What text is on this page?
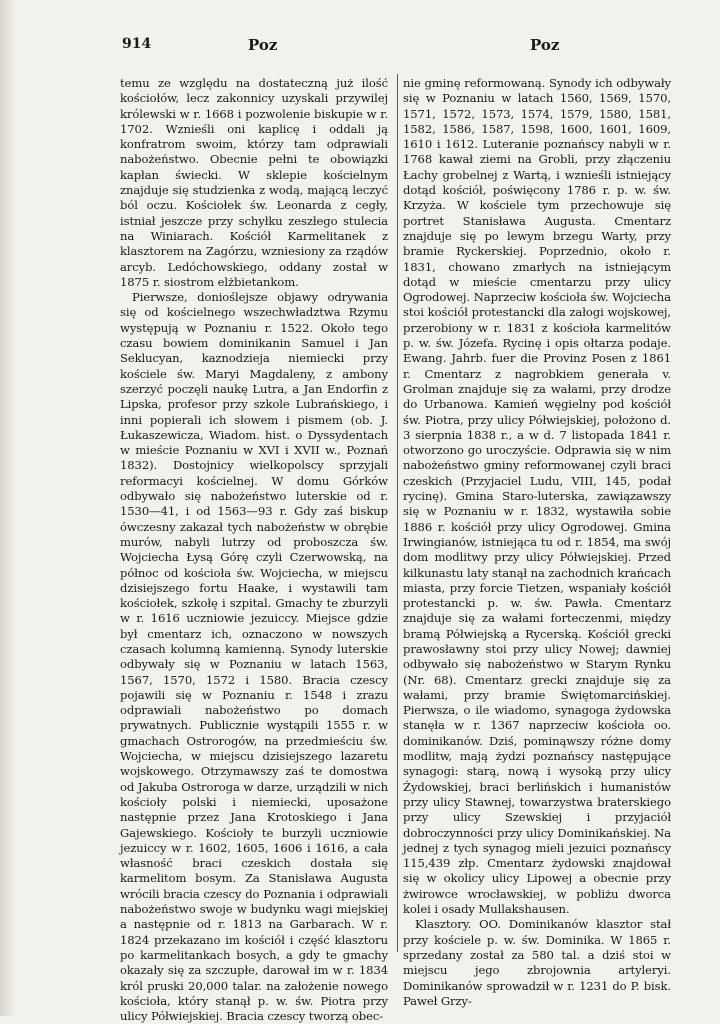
914	Poz	Poz

temu ze względu na dostateczną już ilość kościołów, lecz zakonnicy uzyskali przywilej królewski w r. 1668 i pozwolenie biskupie w r. 1702. Wznieśli oni kaplicę i oddali ją konfratrom swoim, którzy tam odprawiali nabożeństwo. Obecnie pełni te obowiązki kapłan świecki. W sklepie kościelnym znajduje się studzienka z wodą, mającą leczyć ból oczu. Kościołek św. Leonarda z cegły, istniał jeszcze przy schyłku zeszłego stulecia na Winiarach. Kościół Karmelitanek z klasztorem na Zagórzu, wzniesiony za rządów arcyb. Ledóchowskiego, oddany został w 1875 r. siostrom elżbietankom.

Pierwsze, donioślejsze objawy odrywania się od kościelnego wszechwładztwa Rzymu występują w Poznaniu r. 1522. Około tego czasu bowiem dominikanin Samuel i Jan Seklucyan, kaznodzieja niemiecki przy kościele św. Maryi Magdaleny, z ambony szerzyć poczęli naukę Lutra, a Jan Endorfin z Lipska, profesor przy szkole Lubrańskiego, i inni popierali ich słowem i pismem (ob. J. Łukaszewicza, Wiadom. hist. o Dyssydentach w mieście Poznaniu w XVI i XVII w., Poznań 1832). Dostojnicy wielkopolscy sprzyjali reformacyi kościelnej. W domu Górków odbywało się nabożeństwo luterskie od r. 1530—41, i od 1563—93 r. Gdy zaś biskup ówczesny zakazał tych nabożeństw w obrębie murów, nabyli lutrzy od proboszcza św. Wojciecha Łysą Górę czyli Czerwowską, na północ od kościoła św. Wojciecha, w miejscu dzisiejszego fortu Haake, i wystawili tam kościołek, szkołę i szpital. Gmachy te zburzyli w r. 1616 uczniowie jezuiccy. Miejsce gdzie był cmentarz ich, oznaczono w nowszych czasach kolumną kamienną. Synody luterskie odbywały się w Poznaniu w latach 1563, 1567, 1570, 1572 i 1580. Bracia czescy pojawili się w Poznaniu r. 1548 i zrazu odprawiali nabożeństwo po domach prywatnych. Publicznie wystąpili 1555 r. w gmachach Ostrorogów, na przedmieściu św. Wojciecha, w miejscu dzisiejszego lazaretu wojskowego. Otrzymawszy zaś te domostwa od Jakuba Ostroroga w darze, urządzili w nich kościoły polski i niemiecki, uposażone następnie przez Jana Krotoskiego i Jana Gajewskiego. Kościoły te burzyli uczniowie jezuiccy w r. 1602, 1605, 1606 i 1616, a cała własność braci czeskich dostała się karmelitom bosym. Za Stanisława Augusta wrócili bracia czescy do Poznania i odprawiali nabożeństwo swoje w budynku wagi miejskiej a następnie od r. 1813 na Garbarach. W r. 1824 przekazano im kościół i część klasztoru po karmelitankach bosych, a gdy te gmachy okazały się za szczupłe, darował im w r. 1834 król pruski 20,000 talar. na założenie nowego kościoła, który stanął p. w. św. Piotra przy ulicy Półwiejskiej. Bracia czescy tworzą obec-

nie gminę reformowaną. Synody ich odbywały się w Poznaniu w latach 1560, 1569, 1570, 1571, 1572, 1573, 1574, 1579, 1580, 1581, 1582, 1586, 1587, 1598, 1600, 1601, 1609, 1610 i 1612. Luteranie poznańscy nabyli w r. 1768 kawał ziemi na Grobli, przy złączeniu Łachy grobelnej z Wartą, i wznieśli istniejący dotąd kościół, poświęcony 1786 r. p. w. św. Krzyża. W kościele tym przechowuje się portret Stanisława Augusta. Cmentarz znajduje się po lewym brzegu Warty, przy bramie Ryckerskiej. Poprzednio, około r. 1831, chowano zmarłych na istniejącym dotąd w mieście cmentarzu przy ulicy Ogrodowej. Naprzeciw kościoła św. Wojciecha stoi kościół protestancki dla załogi wojskowej, przerobiony w r. 1831 z kościoła karmelitów p. w. św. Józefa. Rycinę i opis ołtarza podaje. Ewang. Jahrb. fuer die Provinz Posen z 1861 r. Cmentarz z nagrobkiem generała v. Grolman znajduje się za wałami, przy drodze do Urbanowa. Kamień węgielny pod kościół św. Piotra, przy ulicy Półwiejskiej, położono d. 3 sierpnia 1838 r., a w d. 7 listopada 1841 r. otworzono go uroczyście. Odprawia się w nim nabożeństwo gminy reformowanej czyli braci czeskich (Przyjaciel Ludu, VIII, 145, podał rycinę). Gmina Staro-luterska, zawiązawszy się w Poznaniu w r. 1832, wystawiła sobie 1886 r. kościół przy ulicy Ogrodowej. Gmina Irwingianów, istniejąca tu od r. 1854, ma swój dom modlitwy przy ulicy Półwiejskiej. Przed kilkunastu laty stanął na zachodnich krańcach miasta, przy forcie Tietzen, wspaniały kościół protestancki p. w. św. Pawła. Cmentarz znajduje się za wałami forteczenmi, między bramą Półwiejską a Rycerską. Kościół grecki prawosławny stoi przy ulicy Nowej; dawniej odbywało się nabożeństwo w Starym Rynku (Nr. 68). Cmentarz grecki znajduje się za wałami, przy bramie Świętomarcińskiej. Pierwsza, o ile wiadomo, synagoga żydowska stanęła w r. 1367 naprzeciw kościoła oo. dominikanów. Dziś, pominąwszy różne domy modlitw, mają żydzi poznańscy następujące synagogi: starą, nową i wysoką przy ulicy Żydowskiej, braci berlińskich i humanistów przy ulicy Stawnej, towarzystwa braterskiego przy ulicy Szewskiej i przyjaciół dobroczynności przy ulicy Dominikańskiej. Na jednej z tych synagog mieli jezuici poznańscy 115,439 złp. Cmentarz żydowski znajdował się w okolicy ulicy Lipowej a obecnie przy żwirowce wrocławskiej, w pobliżu dworca kolei i osady Mullakshausen.

Klasztory. OO. Dominikanów klasztor stał przy kościele p. w. św. Dominika. W 1865 r. sprzedany został za 580 tal. a dziś stoi w miejscu jego zbrojownia artyleryi. Dominikanów sprowadził w r. 1231 do P. bisk. Paweł Grzy-
